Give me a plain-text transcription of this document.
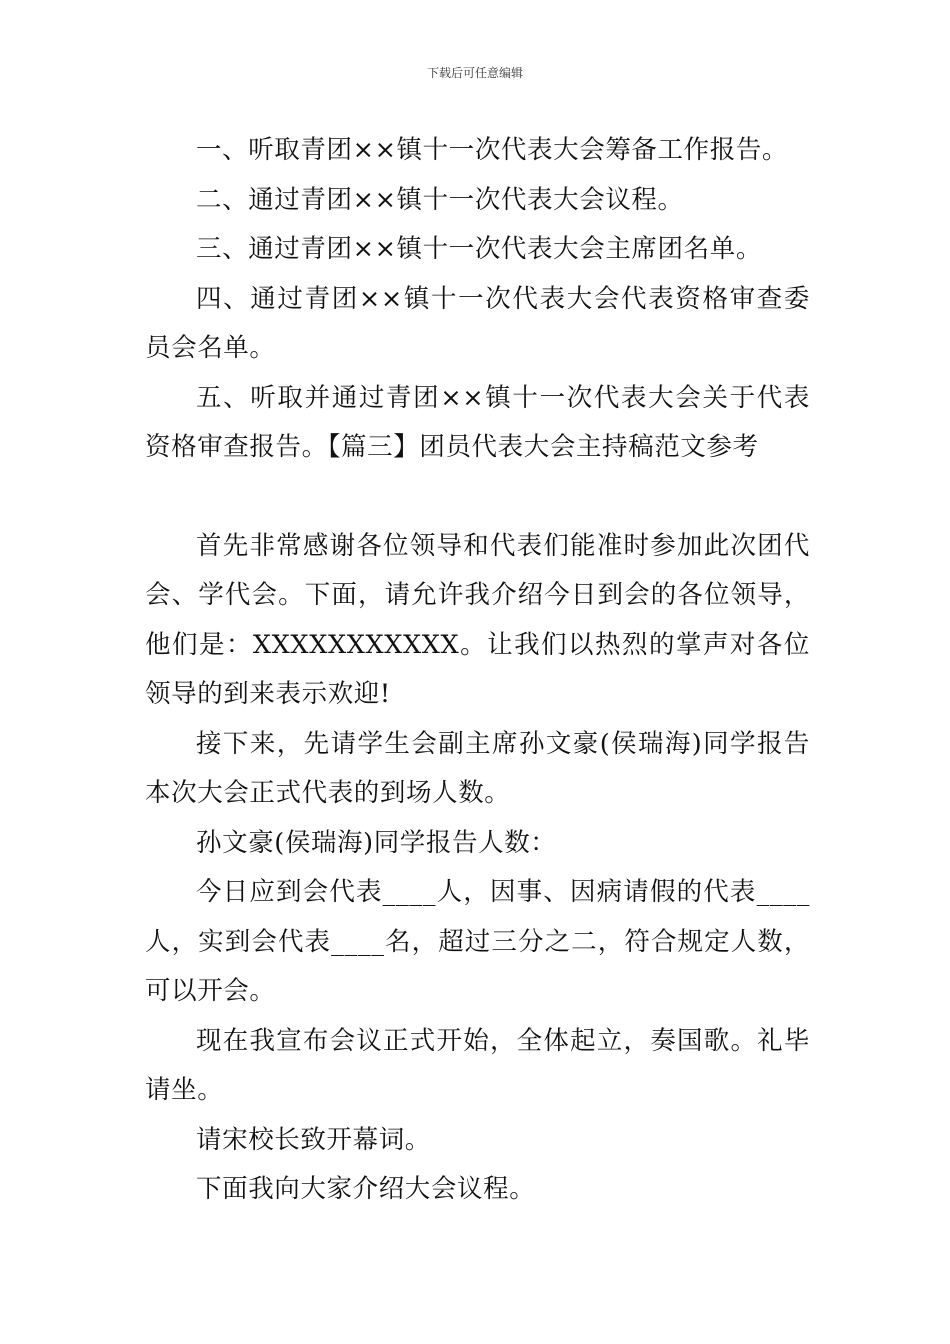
下载后可任意编辑

一、听取青团××镇十一次代表大会筹备工作报告。

二、通过青团××镇十一次代表大会议程。

三、通过青团××镇十一次代表大会主席团名单。

四、通过青团××镇十一次代表大会代表资格审查委员会名单。

五、听取并通过青团××镇十一次代表大会关于代表资格审查报告。【篇三】团员代表大会主持稿范文参考

首先非常感谢各位领导和代表们能准时参加此次团代会、学代会。下面，请允许我介绍今日到会的各位领导，他们是：XXXXXXXXXXX。让我们以热烈的掌声对各位领导的到来表示欢迎!

接下来，先请学生会副主席孙文豪(侯瑞海)同学报告本次大会正式代表的到场人数。

孙文豪(侯瑞海)同学报告人数：

今日应到会代表____人，因事、因病请假的代表____人，实到会代表____名，超过三分之二，符合规定人数，可以开会。

现在我宣布会议正式开始，全体起立，奏国歌。礼毕请坐。

请宋校长致开幕词。

下面我向大家介绍大会议程。
